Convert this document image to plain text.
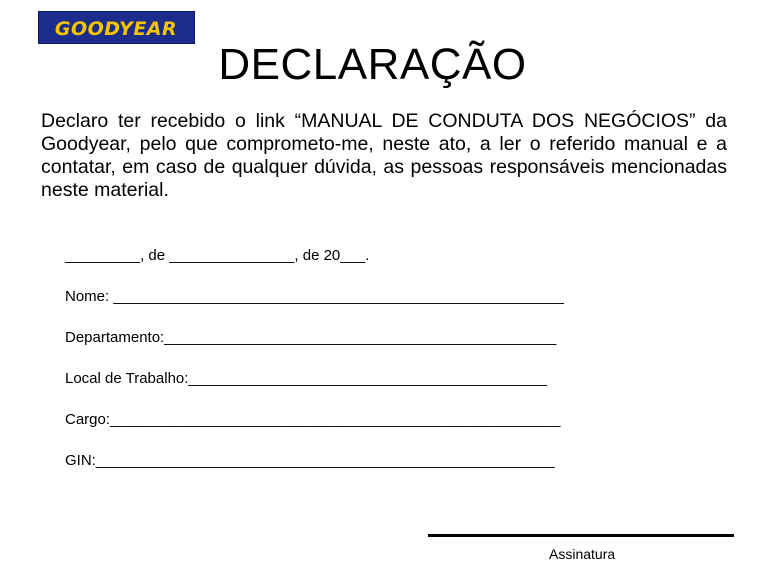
GOODYEAR
DECLARAÇÃO
Declaro ter recebido o link “MANUAL DE CONDUTA DOS NEGÓCIOS” da Goodyear, pelo que comprometo-me, neste ato, a ler o referido manual e a contatar, em caso de qualquer dúvida, as pessoas responsáveis mencionadas neste material.
_________, de _______________, de 20___.
Nome: ______________________________________________________
Departamento:_______________________________________________
Local de Trabalho:___________________________________________
Cargo:______________________________________________________
GIN:_______________________________________________________
Assinatura
